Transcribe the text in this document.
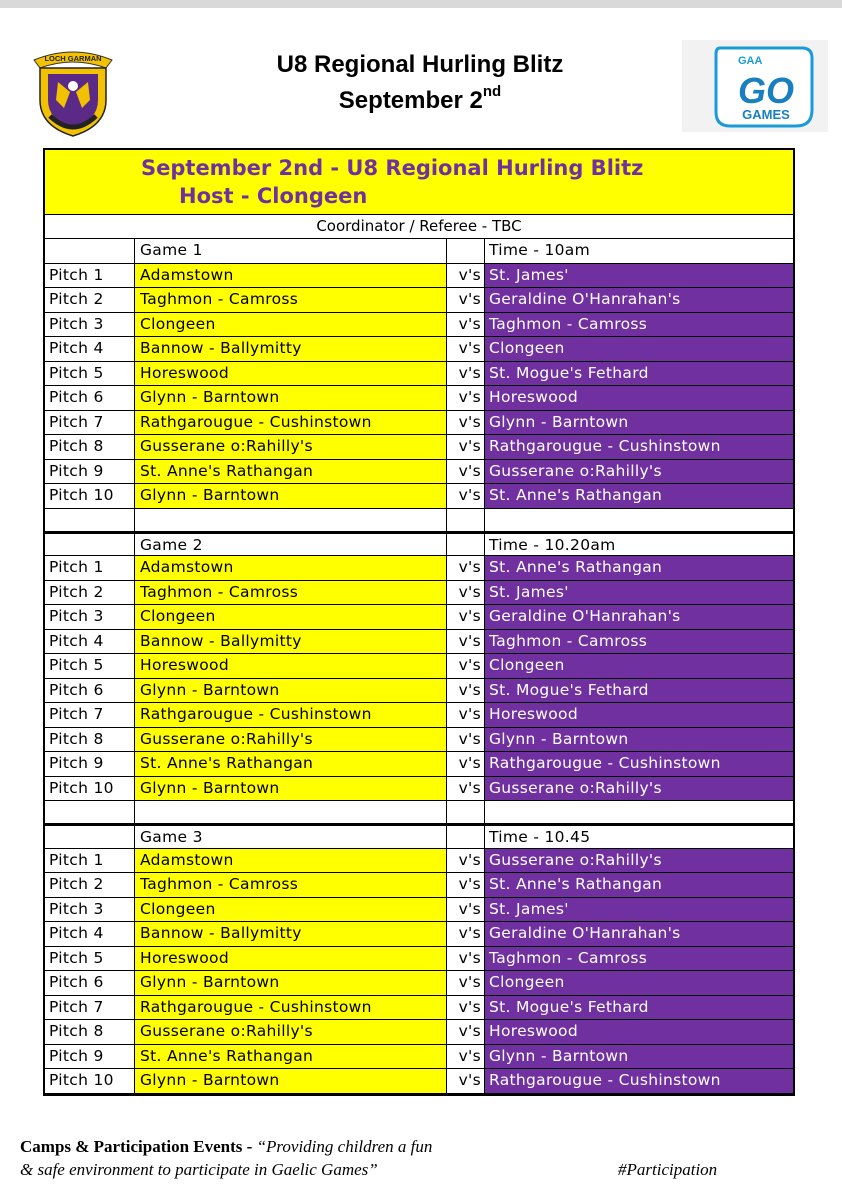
LOCH GARMAN	U8 Regional Hurling Blitz
September 2nd
GAA
GO
GAMES
September 2nd - U8 Regional Hurling Blitz
Host - Clongeen
Coordinator / Referee - TBC
Game 1	Time - 10am
Pitch 1	Adamstown	v's St. James'
Pitch 2	Taghmon - Camross	v's Geraldine O'Hanrahan's
Pitch 3	Clongeen	v's Taghmon - Camross
Pitch 4	Bannow - Ballymitty	v's Clongeen
Pitch 5	Horeswood	v's St. Mogue's Fethard
Pitch 6	Glynn - Barntown	v's Horeswood
Pitch 7	Rathgarougue - Cushinstown	v's Glynn - Barntown
Pitch 8	Gusserane o:Rahilly's	v's Rathgarougue - Cushinstown
Pitch 9	St. Anne's Rathangan	v's Gusserane o:Rahilly's
Pitch 10	Glynn - Barntown	v's St. Anne's Rathangan
Game 2	Time - 10.20am
Pitch 1	Adamstown	v's St. Anne's Rathangan
Pitch 2	Taghmon - Camross	v's St. James'
Pitch 3	Clongeen	v's Geraldine O'Hanrahan's
Pitch 4	Bannow - Ballymitty	v's Taghmon - Camross
Pitch 5	Horeswood	v's Clongeen
Pitch 6	Glynn - Barntown	v's St. Mogue's Fethard
Pitch 7	Rathgarougue - Cushinstown	v's Horeswood
Pitch 8	Gusserane o:Rahilly's	v's Glynn - Barntown
Pitch 9	St. Anne's Rathangan	v's Rathgarougue - Cushinstown
Pitch 10	Glynn - Barntown	v's Gusserane o:Rahilly's
Game 3	Time - 10.45
Pitch 1	Adamstown	v's Gusserane o:Rahilly's
Pitch 2	Taghmon - Camross	v's St. Anne's Rathangan
Pitch 3	Clongeen	v's St. James'
Pitch 4	Bannow - Ballymitty	v's Geraldine O'Hanrahan's
Pitch 5	Horeswood	v's Taghmon - Camross
Pitch 6	Glynn - Barntown	v's Clongeen
Pitch 7	Rathgarougue - Cushinstown	v's St. Mogue's Fethard
Pitch 8	Gusserane o:Rahilly's	v's Horeswood
Pitch 9	St. Anne's Rathangan	v's Glynn - Barntown
Pitch 10	Glynn - Barntown	v's Rathgarougue - Cushinstown
Camps & Participation Events - “Providing children a fun
& safe environment to participate in Gaelic Games”	#Participation
